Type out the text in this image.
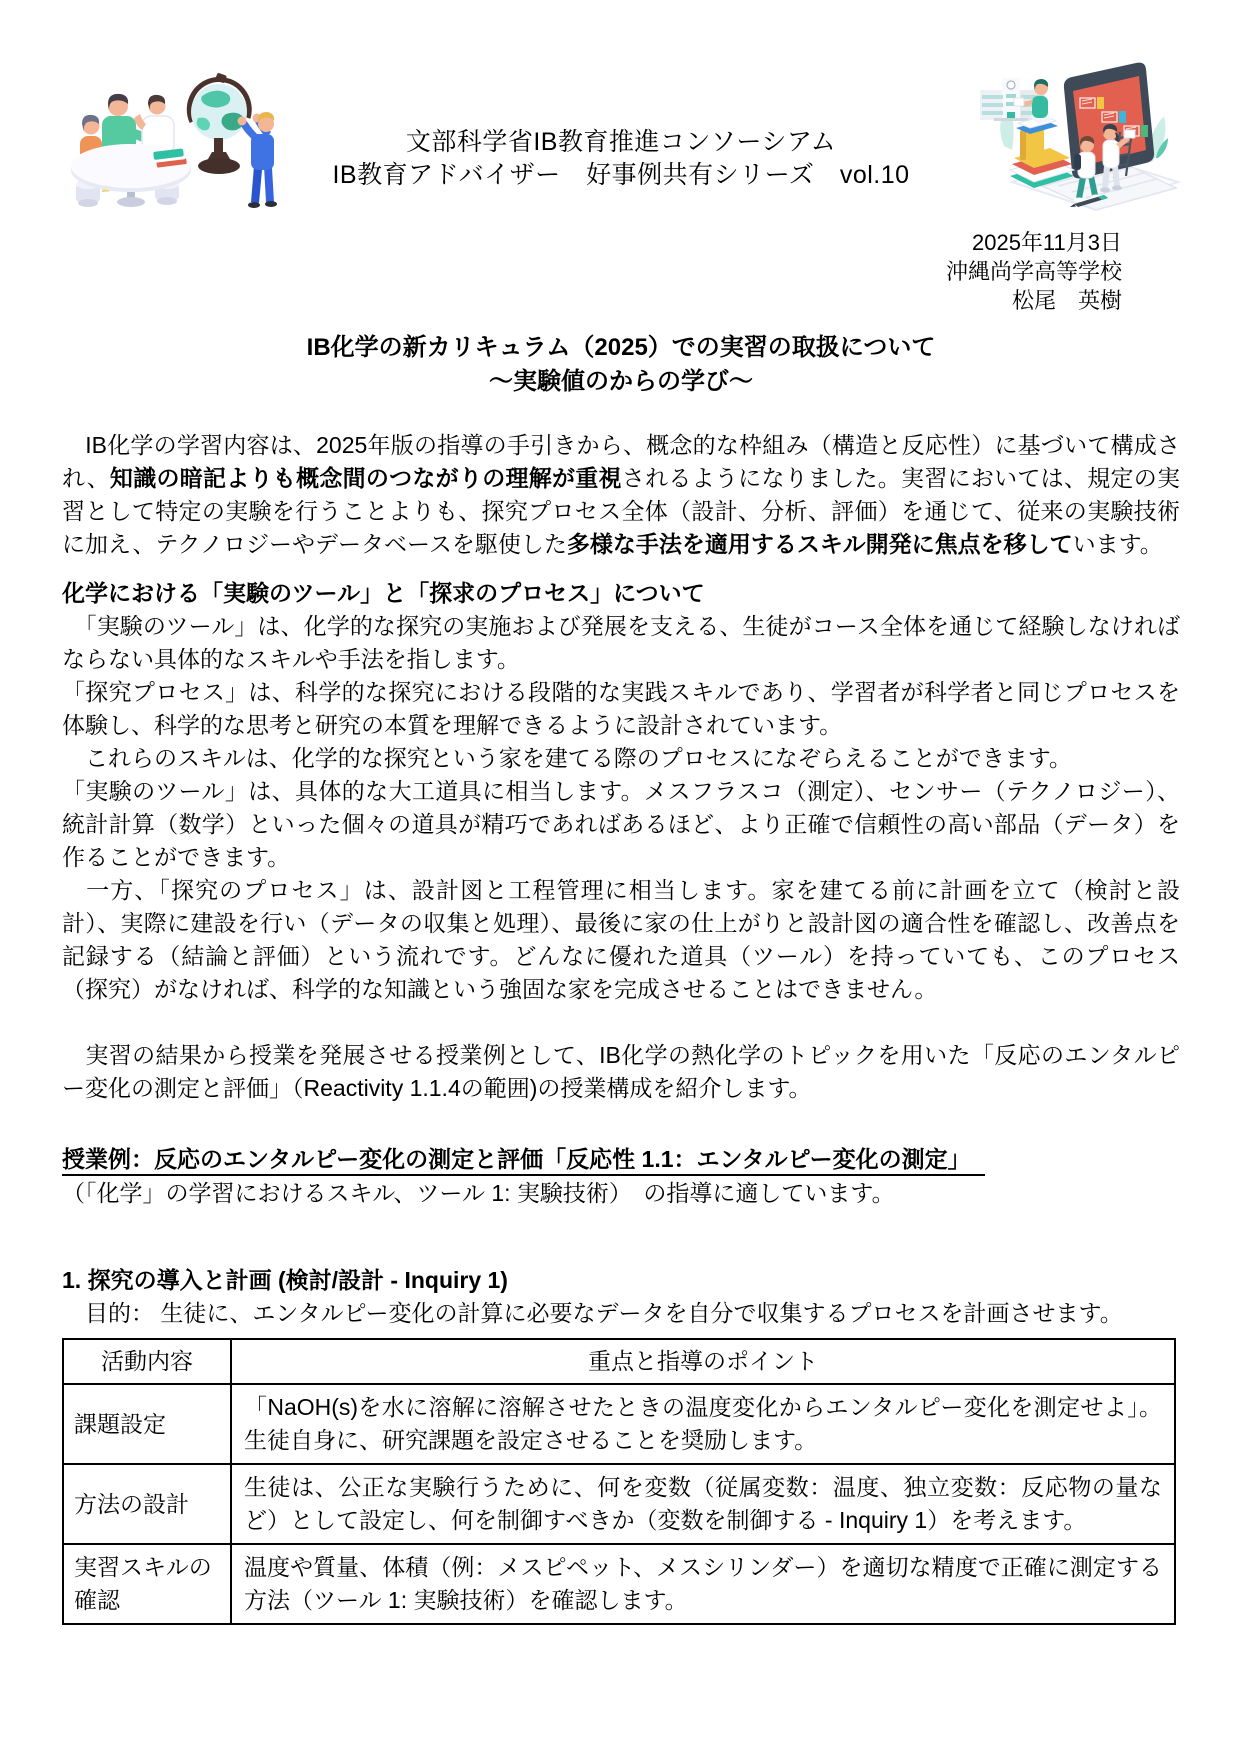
文部科学省IB教育推進コンソーシアム
IB教育アドバイザー　好事例共有シリーズ　vol.10
2025年11月3日
沖縄尚学高等学校
松尾　英樹
IB化学の新カリキュラム（2025）での実習の取扱について
～実験値のからの学び～

　IB化学の学習内容は、2025年版の指導の手引きから、概念的な枠組み（構造と反応性）に基づいて構成され、知識の暗記よりも概念間のつながりの理解が重視されるようになりました。実習においては、規定の実習として特定の実験を行うことよりも、探究プロセス全体（設計、分析、評価）を通じて、従来の実験技術に加え、テクノロジーやデータベースを駆使した多様な手法を適用するスキル開発に焦点を移しています。

化学における「実験のツール」と「探求のプロセス」について

　「実験のツール」は、化学的な探究の実施および発展を支える、生徒がコース全体を通じて経験しなければならない具体的なスキルや手法を指します。

「探究プロセス」は、科学的な探究における段階的な実践スキルであり、学習者が科学者と同じプロセスを体験し、科学的な思考と研究の本質を理解できるように設計されています。

　これらのスキルは、化学的な探究という家を建てる際のプロセスになぞらえることができます。

「実験のツール」は、具体的な大工道具に相当します。メスフラスコ（測定）、センサー（テクノロジー）、統計計算（数学）といった個々の道具が精巧であればあるほど、より正確で信頼性の高い部品（データ）を作ることができます。

　一方、「探究のプロセス」は、設計図と工程管理に相当します。家を建てる前に計画を立て（検討と設計）、実際に建設を行い（データの収集と処理）、最後に家の仕上がりと設計図の適合性を確認し、改善点を記録する（結論と評価）という流れです。どんなに優れた道具（ツール）を持っていても、このプロセス（探究）がなければ、科学的な知識という強固な家を完成させることはできません。

　実習の結果から授業を発展させる授業例として、IB化学の熱化学のトピックを用いた「反応のエンタルピー変化の測定と評価」（Reactivity 1.1.4の範囲)の授業構成を紹介します。

授業例：反応のエンタルピー変化の測定と評価「反応性 1.1：エンタルピー変化の測定」

（「化学」の学習におけるスキル、ツール 1: 実験技術）　の指導に適しています。

1. 探究の導入と計画 (検討/設計 - Inquiry 1)

　目的： 生徒に、エンタルピー変化の計算に必要なデータを自分で収集するプロセスを計画させます。

活動内容	重点と指導のポイント
課題設定	「NaOH(s)を水に溶解に溶解させたときの温度変化からエンタルピー変化を測定せよ」。生徒自身に、研究課題を設定させることを奨励します。
方法の設計	生徒は、公正な実験行うために、何を変数（従属変数：温度、独立変数：反応物の量など）として設定し、何を制御すべきか（変数を制御する - Inquiry 1）を考えます。
実習スキルの確認	温度や質量、体積（例：メスピペット、メスシリンダー）を適切な精度で正確に測定する方法（ツール 1: 実験技術）を確認します。
